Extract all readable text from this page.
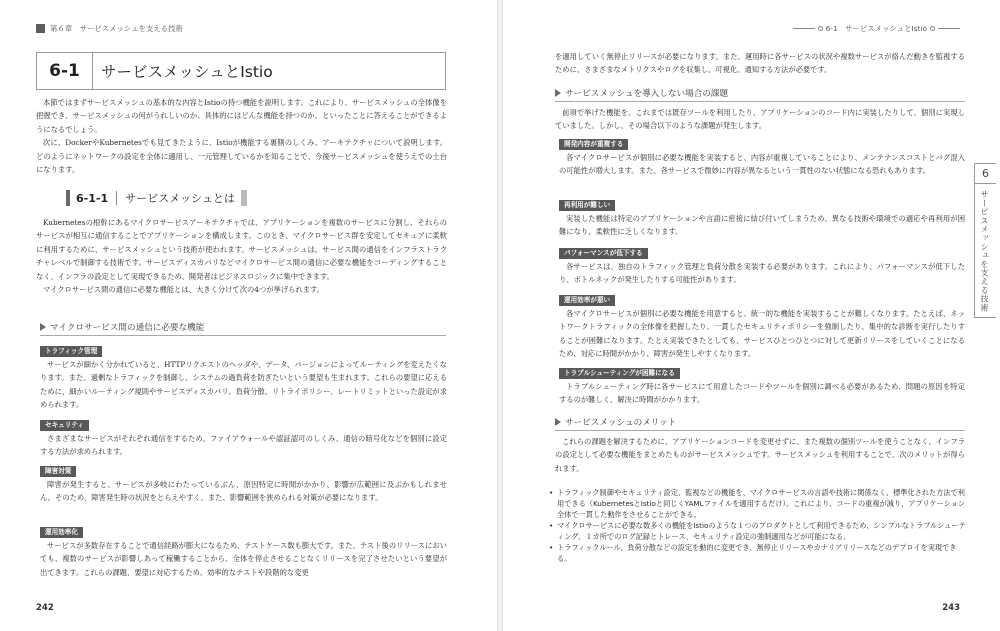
第６章　サービスメッシュを支える技術
6-1	サービスメッシュとIstio

本節ではまずサービスメッシュの基本的な内容とIstioの持つ機能を説明します。これにより、サービスメッシュの全体像を把握でき、サービスメッシュの何がうれしいのか、具体的にはどんな機能を持つのか、といったことに答えることができるようになるでしょう。

次に、DockerやKubernetesでも見てきたように、Istioが機能する裏側のしくみ、アーキテクチャについて説明します。どのようにネットワークの設定を全体に適用し、一元管理しているかを知ることで、今後サービスメッシュを使うえでの土台になります。

6-1-1 サービスメッシュとは

Kubernetesの根幹にあるマイクロサービスアーキテクチャでは、アプリケーションを複数のサービスに分割し、それらのサービスが相互に通信することでアプリケーションを構成します。このとき、マイクロサービス群を安定してセキュアに柔軟に利用するために、サービスメッシュという技術が使われます。サービスメッシュは、サービス間の通信をインフラストラクチャレベルで制御する技術です。サービスディスカバリなどマイクロサービス間の通信に必要な機能をコーディングすることなく、インフラの設定として実現できるため、開発者はビジネスロジックに集中できます。

マイクロサービス間の通信に必要な機能とは、大きく分けて次の4つが挙げられます。

マイクロサービス間の通信に必要な機能
トラフィック管理

サービスが細かく分かれていると、HTTPリクエストのヘッダや、データ、バージョンによってルーティングを変えたくなります。また、過剰なトラフィックを制御し、システムの過負荷を防ぎたいという要望も生まれます。これらの要望に応えるために、細かいルーティング規則やサービスディスカバリ、負荷分散、リトライポリシー、レートリミットといった設定が求められます。

セキュリティ

さまざまなサービスがそれぞれ通信をするため、ファイアウォールや認証認可のしくみ、通信の暗号化などを個別に設定する方法が求められます。

障害対策

障害が発生すると、サービスが多岐にわたっているぶん、原因特定に時間がかかり、影響が広範囲に及ぶかもしれません。そのため、障害発生時の状況をとらえやすく、また、影響範囲を狭められる対策が必要になります。

運用効率化

サービスが多数存在することで通信経路が膨大になるため、テストケース数も膨大です。また、テスト後のリリースにおいても、複数のサービスが影響しあって稼働することから、全体を停止させることなくリリースを完了させたいという要望が出てきます。これらの課題、要望に対応するため、効率的なテストや段階的な変更

242
6-1　サービスメッシュとIstio

を適用していく無停止リリースが必要になります。また、運用時に各サービスの状況や複数サービスが絡んだ動きを監視するために、さまざまなメトリクスやログを収集し、可視化、通知する方法が必要です。

サービスメッシュを導入しない場合の課題

前項で挙げた機能を、これまでは既存ツールを利用したり、アプリケーションのコード内に実装したりして、個別に実現していました。しかし、その場合以下のような課題が発生します。

開発内容が重複する

各マイクロサービスが個別に必要な機能を実装すると、内容が重複していることにより、メンテナンスコストとバグ混入の可能性が増大します。また、各サービスで微妙に内容が異なるという一貫性のない状態になる恐れもあります。

再利用が難しい

実装した機能は特定のアプリケーションや言語に密接に結び付いてしまうため、異なる技術や環境での適応や再利用が困難になり、柔軟性に乏しくなります。

パフォーマンスが低下する

各サービスは、独自のトラフィック管理と負荷分散を実装する必要があります。これにより、パフォーマンスが低下したり、ボトルネックが発生したりする可能性があります。

運用効率が悪い

各マイクロサービスが個別に必要な機能を用意すると、統一的な機能を実装することが難しくなります。たとえば、ネットワークトラフィックの全体像を把握したり、一貫したセキュリティポリシーを強制したり、集中的な診断を実行したりすることが困難になります。たとえ実装できたとしても、サービスひとつひとつに対して更新リリースをしていくことになるため、対応に時間がかかり、障害が発生しやすくなります。

トラブルシューティングが困難になる

トラブルシューティング時に各サービスにて用意したコードやツールを個別に調べる必要があるため、問題の原因を特定するのが難しく、解決に時間がかかります。

サービスメッシュのメリット

これらの課題を解決するために、アプリケーションコードを変更せずに、また複数の個別ツールを使うことなく、インフラの設定として必要な機能をまとめたものがサービスメッシュです。サービスメッシュを利用することで、次のメリットが得られます。

• トラフィック制御やセキュリティ設定、監視などの機能を、マイクロサービスの言語や技術に関係なく、標準化された方法で利用できる（KubernetesとIstioと同じくYAMLファイルを適用するだけ）。これにより、コードの重複が減り、アプリケーション全体で一貫した動作をさせることができる。
• マイクロサービスに必要な数多くの機能をIstioのような１つのプロダクトとして利用できるため、シンプルなトラブルシューティング、１カ所でのログ記録とトレース、セキュリティ設定の強制適用などが可能になる。
• トラフィックルール、負荷分散などの設定を動的に変更でき、無停止リリースやカナリアリリースなどのデプロイを実現できる。
6
サービスメッシュを支える技術
243
